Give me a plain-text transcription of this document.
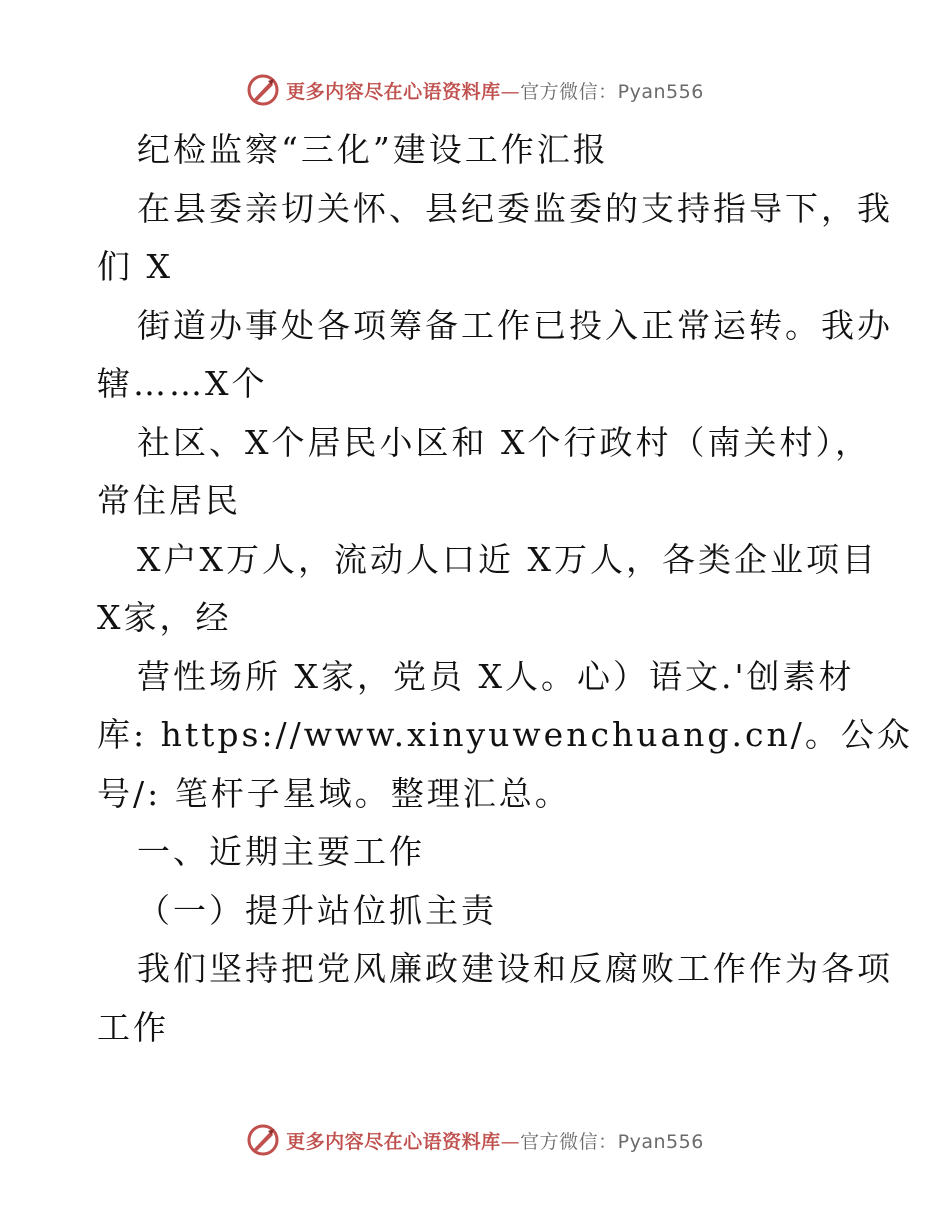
更多内容尽在心语资料库—官方微信：Pyan556
纪检监察“三化”建设工作汇报
在县委亲切关怀、县纪委监委的支持指导下，我
们 X
街道办事处各项筹备工作已投入正常运转。我办
辖……X个
社区、X个居民小区和 X个行政村（南关村），
常住居民
X户X万人，流动人口近 X万人，各类企业项目
X家，经
营性场所 X家，党员 X人。心）语文.'创素材
库: https://www.xinyuwenchuang.cn/。公众
号/: 笔杆子星域。整理汇总。
一、近期主要工作
（一）提升站位抓主责
我们坚持把党风廉政建设和反腐败工作作为各项
工作
更多内容尽在心语资料库—官方微信：Pyan556
